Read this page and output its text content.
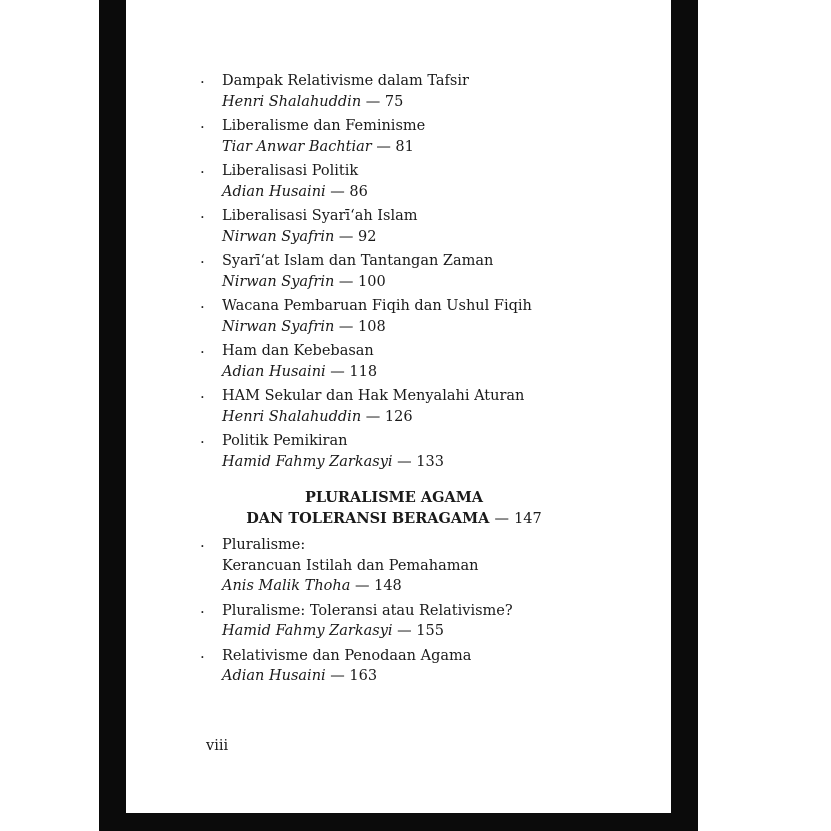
· Dampak Relativisme dalam Tafsir
Henri Shalahuddin — 75
· Liberalisme dan Feminisme
Tiar Anwar Bachtiar — 81
· Liberalisasi Politik
Adian Husaini — 86
· Liberalisasi Syarī‘ah Islam
Nirwan Syafrin — 92
· Syarī‘at Islam dan Tantangan Zaman
Nirwan Syafrin — 100
· Wacana Pembaruan Fiqih dan Ushul Fiqih
Nirwan Syafrin — 108
· Ham dan Kebebasan
Adian Husaini — 118
· HAM Sekular dan Hak Menyalahi Aturan
Henri Shalahuddin — 126
· Politik Pemikiran
Hamid Fahmy Zarkasyi — 133
PLURALISME AGAMA
DAN TOLERANSI BERAGAMA — 147
· Pluralisme:
Kerancuan Istilah dan Pemahaman
Anis Malik Thoha — 148
· Pluralisme: Toleransi atau Relativisme?
Hamid Fahmy Zarkasyi — 155
· Relativisme dan Penodaan Agama
Adian Husaini — 163
viii
